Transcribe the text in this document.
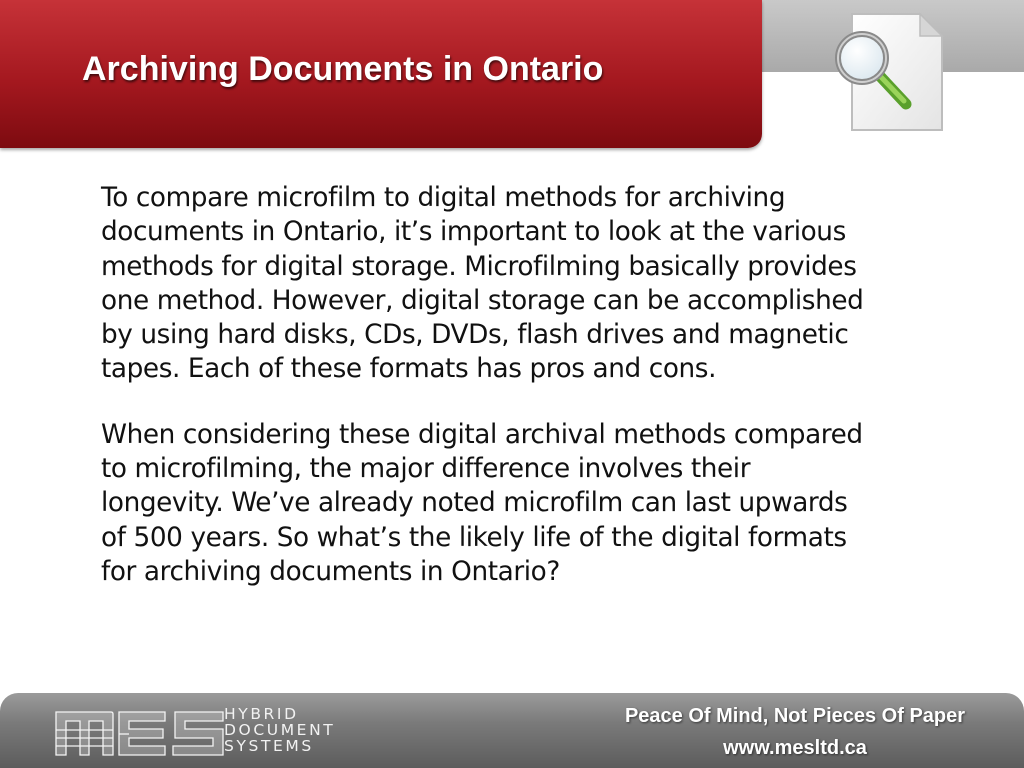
Archiving Documents in Ontario

To compare microfilm to digital methods for archiving
documents in Ontario, it’s important to look at the various
methods for digital storage. Microfilming basically provides
one method. However, digital storage can be accomplished
by using hard disks, CDs, DVDs, flash drives and magnetic
tapes. Each of these formats has pros and cons.

When considering these digital archival methods compared
to microfilming, the major difference involves their
longevity. We’ve already noted microfilm can last upwards
of 500 years. So what’s the likely life of the digital formats
for archiving documents in Ontario?

HYBRID
DOCUMENT
SYSTEMS
Peace Of Mind, Not Pieces Of Paper
www.mesltd.ca
